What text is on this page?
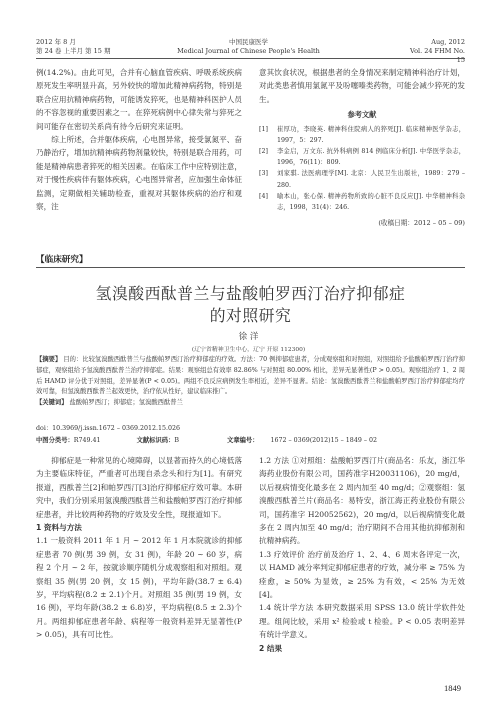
2012 年 8 月
第 24 卷 上半月 第 15 期
中国民康医学
Medical Journal of Chinese People's Health
Aug, 2012
Vol. 24 FHM No. 15

例(14.2%)。由此可见，合并有心脑血管疾病、呼吸系统疾病原死发生率明显升高，另外较快的增加此精神病药物，特别是联合应用抗精神病药物，可能诱发猝死，也是精神科医护人员的不容忽视的重要因素之一。在猝死病例中心律失常与猝死之间可能存在密切关系尚有待今后研究来证明。

综上所述，合并躯体疾病，心电图异常，接受氯氮平、奋乃静治疗，增加抗精神病药物剂量较快，特别是联合用药，可能是精神病患者猝死的相关因素。在临床工作中应特别注意，对于慢性疾病伴有躯体疾病，心电图异常者，应加强生命体征监测，定期做相关辅助检查，重视对其躯体疾病的治疗和观察，注

意其饮食状况，根据患者的全身情况来制定精神科治疗计划，对此类患者慎用氯氮平及吩噻嗪类药物，可能会减少猝死的发生。

参考文献
[1]	崔厚功，李晓英. 精神科住院病人的猝死[J]. 临床精神医学杂志，1997，5：297.
[2]	李金启，万文东. 抗外科病例 814 例临床分析[J]. 中华医学杂志，1996，76(11)：809.
[3]	刘家骐. 法医病理学[M]. 北京：人民卫生出版社，1989：279 – 280.
[4]	喻本山，张心保. 精神药物所致的心脏不良反应[J]. 中华精神科杂志，1998，31(4)：246.
(收稿日期：2012 – 05 – 09)
【临床研究】
氢溴酸西酞普兰与盐酸帕罗西汀治疗抑郁症
的对照研究
徐 洋
(辽宁省精神卫生中心，辽宁 开原 112300)
【摘要】 目的：比较氢溴酸西酞普兰与盐酸帕罗西汀治疗抑郁症的疗效。方法：70 例抑郁症患者，分成观察组和对照组，对照组给予盐酸帕罗西汀治疗抑郁症，观察组给予氢溴酸西酞普兰治疗抑郁症。结果：观察组总有效率 82.86% 与对照组 80.00% 相比，差异无显著性(P > 0.05)。观察组治疗 1、2 周后 HAMD 评分优于对照组，差异显著(P < 0.05)。两组不良反应病例发生率相近，差异不显著。结论：氢溴酸西酞普兰和盐酸帕罗西汀治疗抑郁症均疗效可靠，但氢溴酸西酞普兰起效更快，治疗依从性好，建议临床推广。
【关键词】 盐酸帕罗西汀；抑郁症；氢溴酸西酞普兰
doi：10.3969/j.issn.1672 – 0369.2012.15.026
中图分类号：R749.41	文献标识码：B	文章编号： 1672 – 0369(2012)15 – 1849 – 02

抑郁症是一种常见的心境障碍，以显著而持久的心境低落为主要临床特征，严重者可出现自杀念头和行为[1]。有研究报道，西酞普兰[2]和帕罗西汀[3]治疗抑郁症疗效可靠。本研究中，我们分别采用氢溴酸西酞普兰和盐酸帕罗西汀治疗抑郁症患者，并比较两种药物的疗效及安全性，现报道如下。

1 资料与方法

1.1 一般资料 2011 年 1 月 ~ 2012 年 1 月本院就诊的抑郁症患者 70 例(男 39 例，女 31 例)，年龄 20 ~ 60 岁，病程 2 个月 ~ 2 年，按就诊顺序随机分成观察组和对照组。观察组 35 例(男 20 例，女 15 例)，平均年龄(38.7 ± 6.4)岁，平均病程(8.2 ± 2.1)个月。对照组 35 例(男 19 例，女 16 例)，平均年龄(38.2 ± 6.8)岁，平均病程(8.5 ± 2.3)个月。两组抑郁症患者年龄、病程等一般资料差异无显著性(P > 0.05)，具有可比性。

1.2 方法 ①对照组：盐酸帕罗西汀片(商品名：乐友，浙江华海药业股份有限公司，国药准字H20031106)，20 mg/d，以后视病情变化最多在 2 周内加至 40 mg/d；②观察组：氢溴酸西酞普兰片(商品名：易特安，浙江海正药业股份有限公司，国药准字 H20052562)，20 mg/d，以后视病情变化最多在 2 周内加至 40 mg/d；治疗期间不合用其他抗抑郁剂和抗精神病药。

1.3 疗效评价 治疗前及治疗 1、2、4、6 周末各评定一次，以 HAMD 减分率判定抑郁症患者的疗效，减分率 ≥ 75% 为痊愈，≥ 50% 为显效，≥ 25% 为有效，< 25% 为无效[4]。

1.4 统计学方法 本研究数据采用 SPSS 13.0 统计学软件处理。组间比较，采用 x² 检验或 t 检验。P < 0.05 表明差异有统计学意义。

2 结果

1849
